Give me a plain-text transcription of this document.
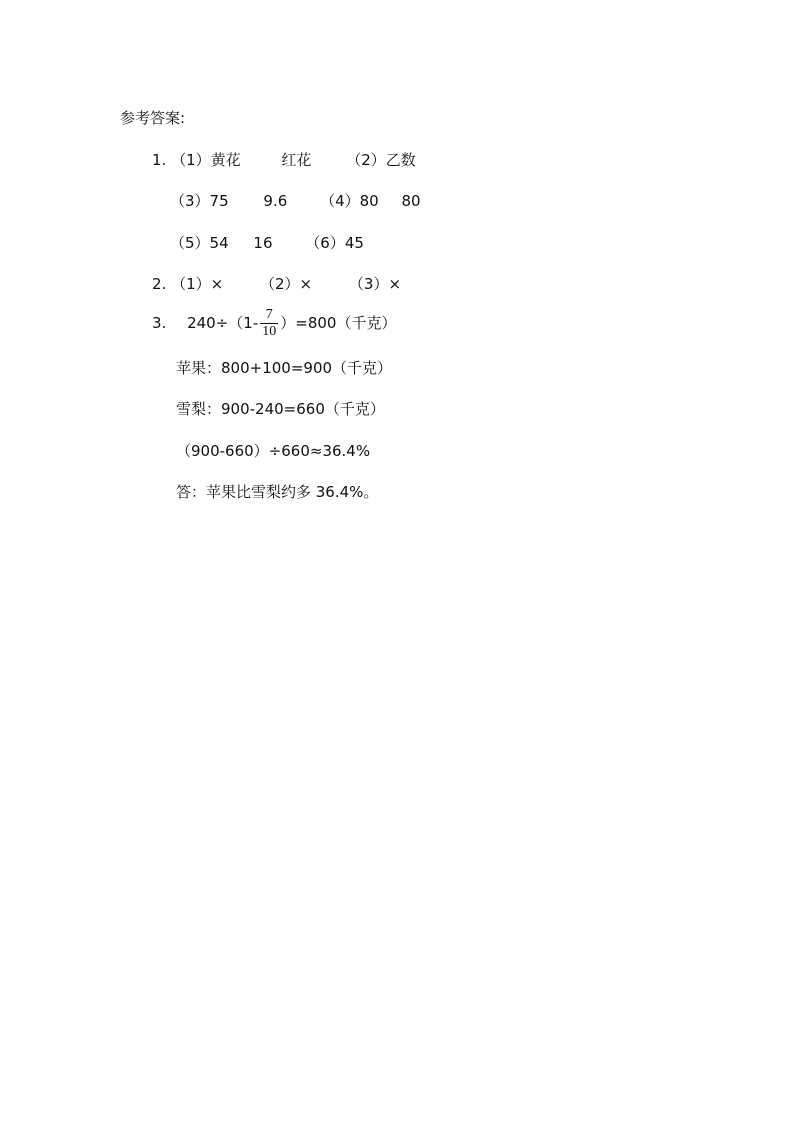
参考答案:
1. （1）黄花	红花 （2）乙数
（3）75 9.6 （4）80 80
（5）54 16 （6）45
2. （1）× （2）× （3）×
3. $240\div(1- \frac{7}{10} )=800$（千克）
苹果：800+100=900（千克）
雪梨：900-240=660（千克）
（900-660）÷660≈36.4%
答：苹果比雪梨约多 36.4%。
